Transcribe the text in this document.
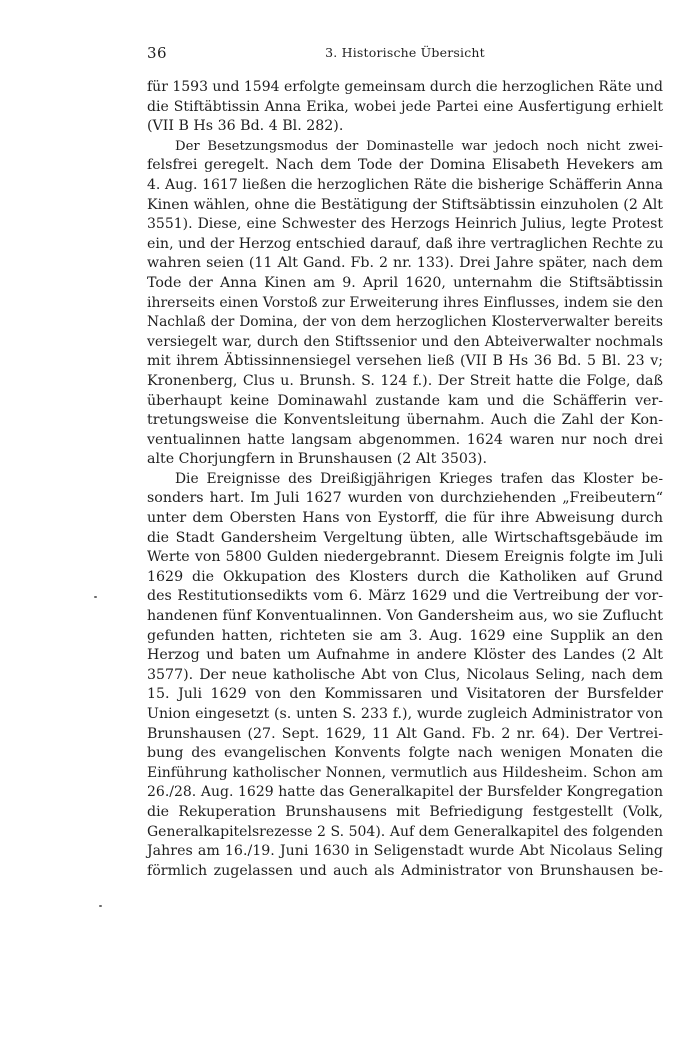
36	3. Historische Übersicht
für 1593 und 1594 erfolgte gemeinsam durch die herzoglichen Räte und
die Stiftäbtissin Anna Erika, wobei jede Partei eine Ausfertigung erhielt
(VII B Hs 36 Bd. 4 Bl. 282).
Der Besetzungsmodus der Dominastelle war jedoch noch nicht zwei-
felsfrei geregelt. Nach dem Tode der Domina Elisabeth Hevekers am
4. Aug. 1617 ließen die herzoglichen Räte die bisherige Schäfferin Anna
Kinen wählen, ohne die Bestätigung der Stiftsäbtissin einzuholen (2 Alt
3551). Diese, eine Schwester des Herzogs Heinrich Julius, legte Protest
ein, und der Herzog entschied darauf, daß ihre vertraglichen Rechte zu
wahren seien (11 Alt Gand. Fb. 2 nr. 133). Drei Jahre später, nach dem
Tode der Anna Kinen am 9. April 1620, unternahm die Stiftsäbtissin
ihrerseits einen Vorstoß zur Erweiterung ihres Einflusses, indem sie den
Nachlaß der Domina, der von dem herzoglichen Klosterverwalter bereits
versiegelt war, durch den Stiftssenior und den Abteiverwalter nochmals
mit ihrem Äbtissinnensiegel versehen ließ (VII B Hs 36 Bd. 5 Bl. 23 v;
Kronenberg, Clus u. Brunsh. S. 124 f.). Der Streit hatte die Folge, daß
überhaupt keine Dominawahl zustande kam und die Schäfferin ver-
tretungsweise die Konventsleitung übernahm. Auch die Zahl der Kon-
ventualinnen hatte langsam abgenommen. 1624 waren nur noch drei
alte Chorjungfern in Brunshausen (2 Alt 3503).
Die Ereignisse des Dreißigjährigen Krieges trafen das Kloster be-
sonders hart. Im Juli 1627 wurden von durchziehenden „Freibeutern“
unter dem Obersten Hans von Eystorff, die für ihre Abweisung durch
die Stadt Gandersheim Vergeltung übten, alle Wirtschaftsgebäude im
Werte von 5800 Gulden niedergebrannt. Diesem Ereignis folgte im Juli
1629 die Okkupation des Klosters durch die Katholiken auf Grund
des Restitutionsedikts vom 6. März 1629 und die Vertreibung der vor-
handenen fünf Konventualinnen. Von Gandersheim aus, wo sie Zuflucht
gefunden hatten, richteten sie am 3. Aug. 1629 eine Supplik an den
Herzog und baten um Aufnahme in andere Klöster des Landes (2 Alt
3577). Der neue katholische Abt von Clus, Nicolaus Seling, nach dem
15. Juli 1629 von den Kommissaren und Visitatoren der Bursfelder
Union eingesetzt (s. unten S. 233 f.), wurde zugleich Administrator von
Brunshausen (27. Sept. 1629, 11 Alt Gand. Fb. 2 nr. 64). Der Vertrei-
bung des evangelischen Konvents folgte nach wenigen Monaten die
Einführung katholischer Nonnen, vermutlich aus Hildesheim. Schon am
26./28. Aug. 1629 hatte das Generalkapitel der Bursfelder Kongregation
die Rekuperation Brunshausens mit Befriedigung festgestellt (Volk,
Generalkapitelsrezesse 2 S. 504). Auf dem Generalkapitel des folgenden
Jahres am 16./19. Juni 1630 in Seligenstadt wurde Abt Nicolaus Seling
förmlich zugelassen und auch als Administrator von Brunshausen be-
